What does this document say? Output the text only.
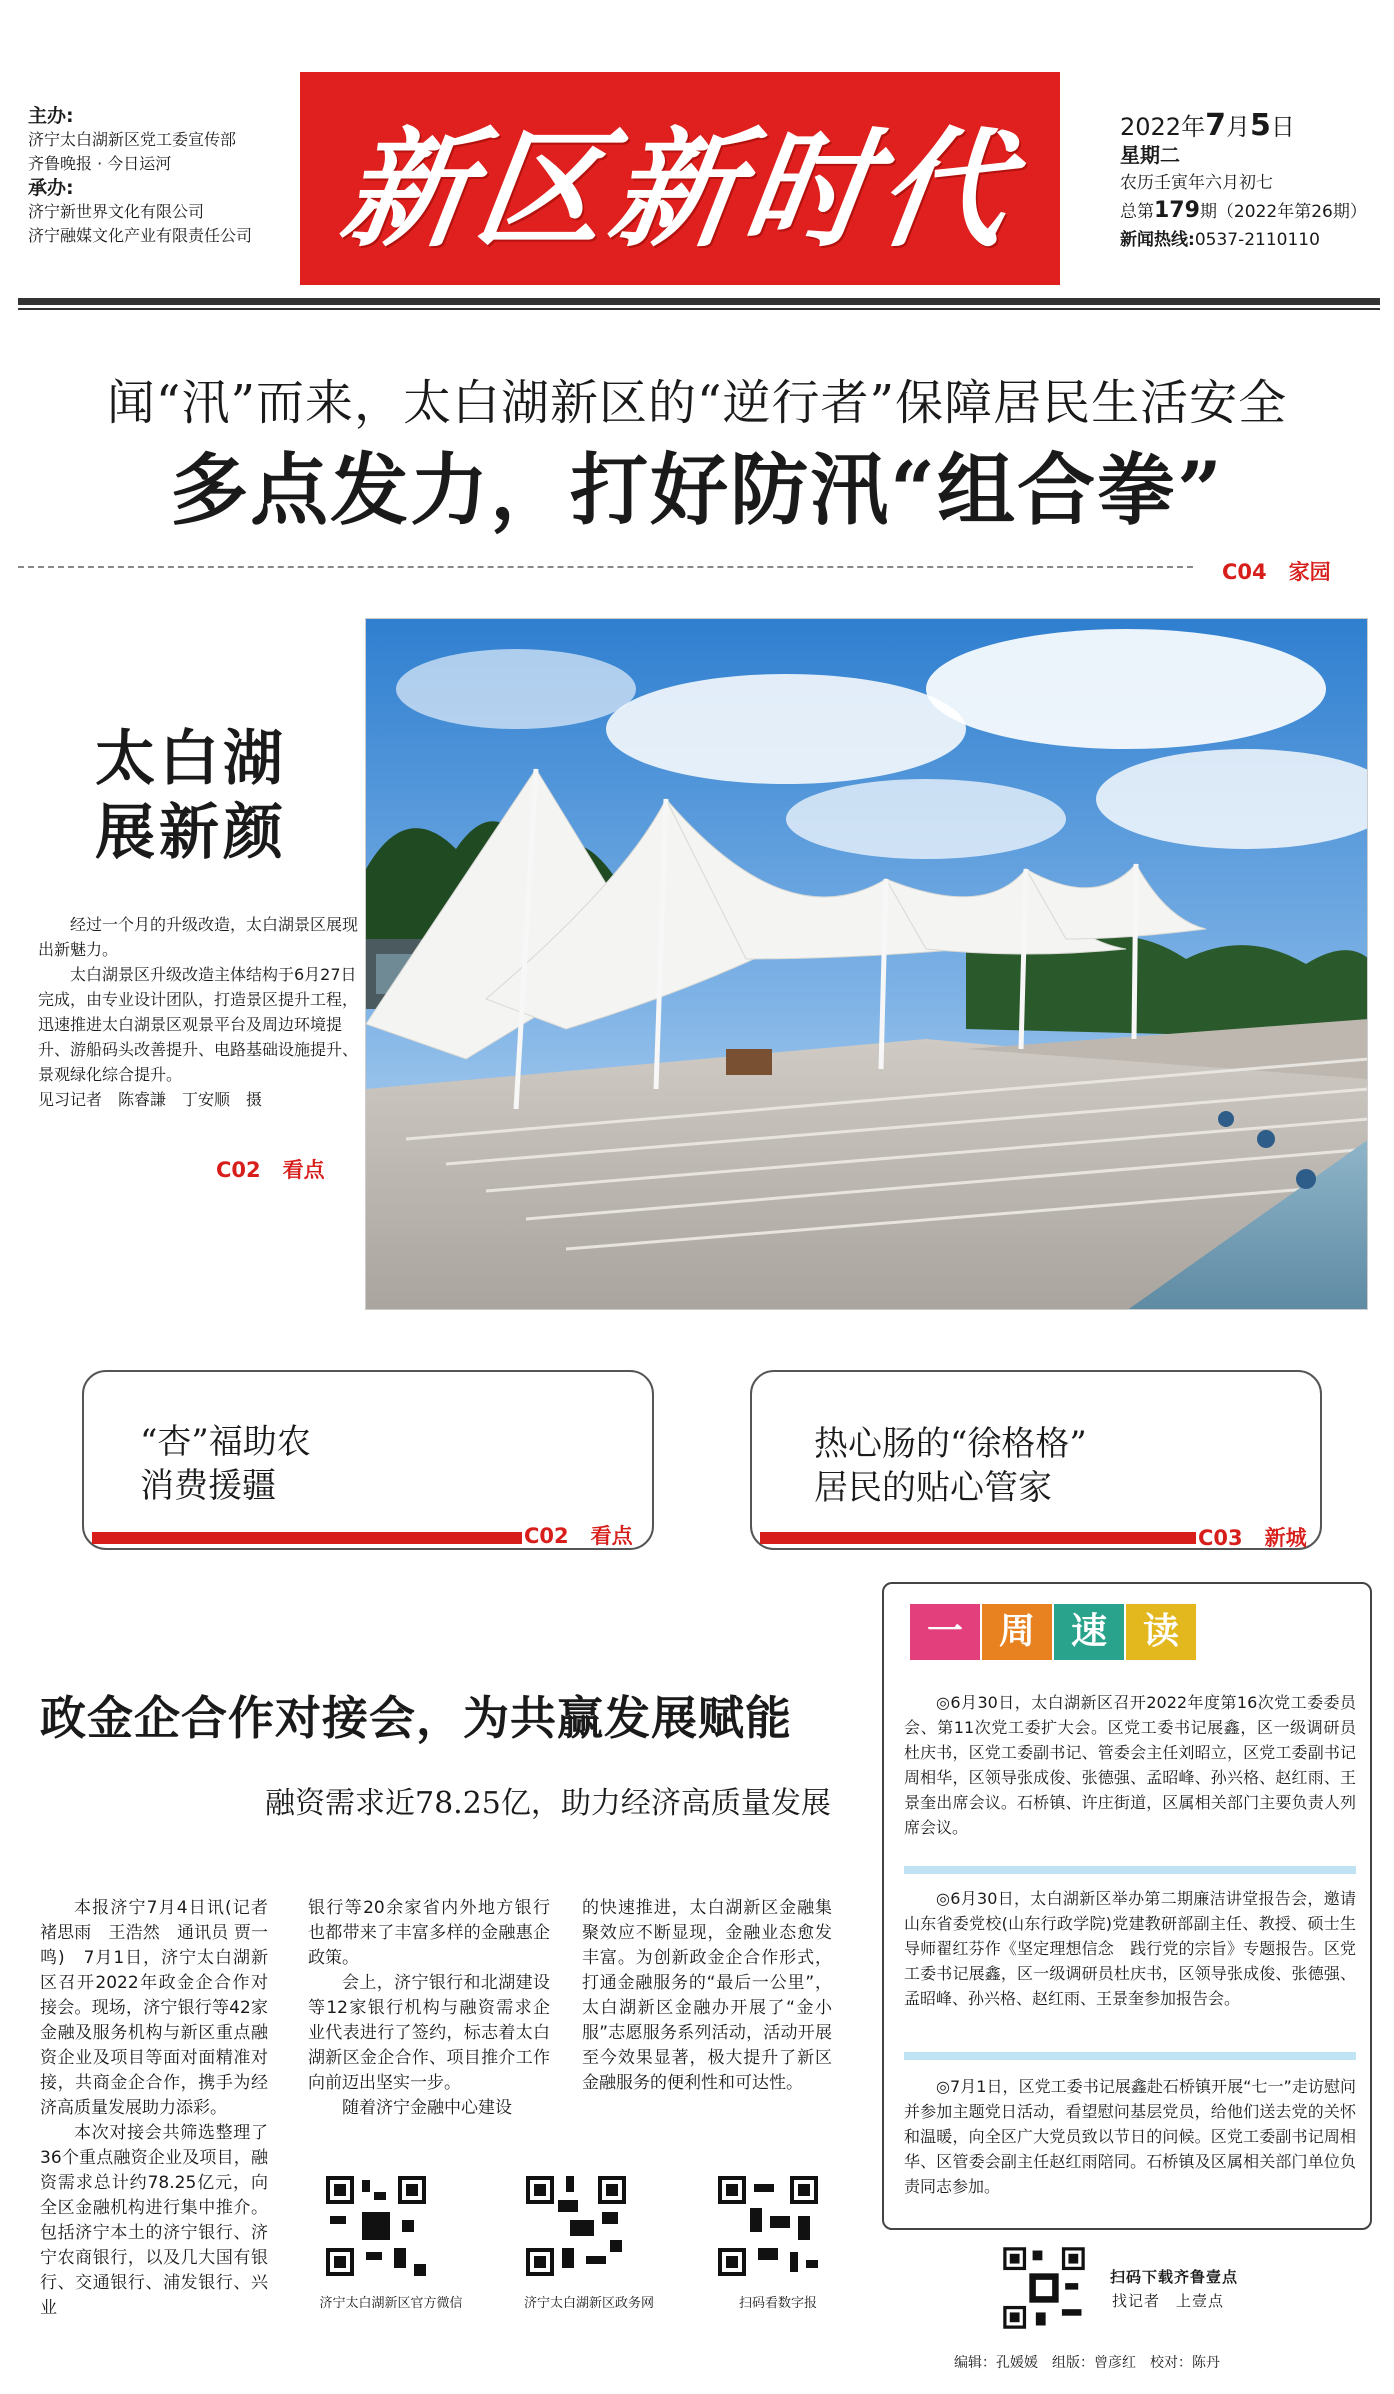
主办:
济宁太白湖新区党工委宣传部
齐鲁晚报 · 今日运河
承办:
济宁新世界文化有限公司
济宁融媒文化产业有限责任公司 新区新时代	2022年7月5日
星期二
农历壬寅年六月初七
总第179期（2022年第26期）
新闻热线:0537-2110110
闻“汛”而来，太白湖新区的“逆行者”保障居民生活安全
多点发力，打好防汛“组合拳”
C04 家园
太白湖
展新颜

经过一个月的升级改造，太白湖景区展现出新魅力。

太白湖景区升级改造主体结构于6月27日完成，由专业设计团队，打造景区提升工程，迅速推进太白湖景区观景平台及周边环境提升、游船码头改善提升、电路基础设施提升、景观绿化综合提升。

见习记者　陈睿謙　丁安顺　摄
C02 看点
“杏”福助农
消费援疆
C02 看点
热心肠的“徐格格”
居民的贴心管家
C03 新城
政金企合作对接会，为共赢发展赋能
融资需求近78.25亿，助力经济高质量发展

本报济宁7月4日讯(记者 褚思雨　王浩然　通讯员 贾一鸣)　7月1日，济宁太白湖新区召开2022年政金企合作对接会。现场，济宁银行等42家金融及服务机构与新区重点融资企业及项目等面对面精准对接，共商金企合作，携手为经济高质量发展助力添彩。

本次对接会共筛选整理了36个重点融资企业及项目，融资需求总计约78.25亿元，向全区金融机构进行集中推介。包括济宁本土的济宁银行、济宁农商银行，以及几大国有银行、交通银行、浦发银行、兴业

银行等20余家省内外地方银行也都带来了丰富多样的金融惠企政策。

会上，济宁银行和北湖建设等12家银行机构与融资需求企业代表进行了签约，标志着太白湖新区金企合作、项目推介工作向前迈出坚实一步。

随着济宁金融中心建设

的快速推进，太白湖新区金融集聚效应不断显现，金融业态愈发丰富。为创新政金企合作形式，打通金融服务的“最后一公里”，太白湖新区金融办开展了“金小服”志愿服务系列活动，活动开展至今效果显著，极大提升了新区金融服务的便利性和可达性。

济宁太白湖新区官方微信	济宁太白湖新区政务网	扫码看数字报
一 周 速 读

◎6月30日，太白湖新区召开2022年度第16次党工委委员会、第11次党工委扩大会。区党工委书记展鑫，区一级调研员杜庆书，区党工委副书记、管委会主任刘昭立，区党工委副书记周相华，区领导张成俊、张德强、孟昭峰、孙兴格、赵红雨、王景奎出席会议。石桥镇、许庄街道，区属相关部门主要负责人列席会议。

◎6月30日，太白湖新区举办第二期廉洁讲堂报告会，邀请山东省委党校(山东行政学院)党建教研部副主任、教授、硕士生导师翟红芬作《坚定理想信念　践行党的宗旨》专题报告。区党工委书记展鑫，区一级调研员杜庆书，区领导张成俊、张德强、孟昭峰、孙兴格、赵红雨、王景奎参加报告会。

◎7月1日，区党工委书记展鑫赴石桥镇开展“七一”走访慰问并参加主题党日活动，看望慰问基层党员，给他们送去党的关怀和温暖，向全区广大党员致以节日的问候。区党工委副书记周相华、区管委会副主任赵红雨陪同。石桥镇及区属相关部门单位负责同志参加。

扫码下载齐鲁壹点
找记者　上壹点
编辑：孔媛媛　组版：曾彦红　校对：陈丹
